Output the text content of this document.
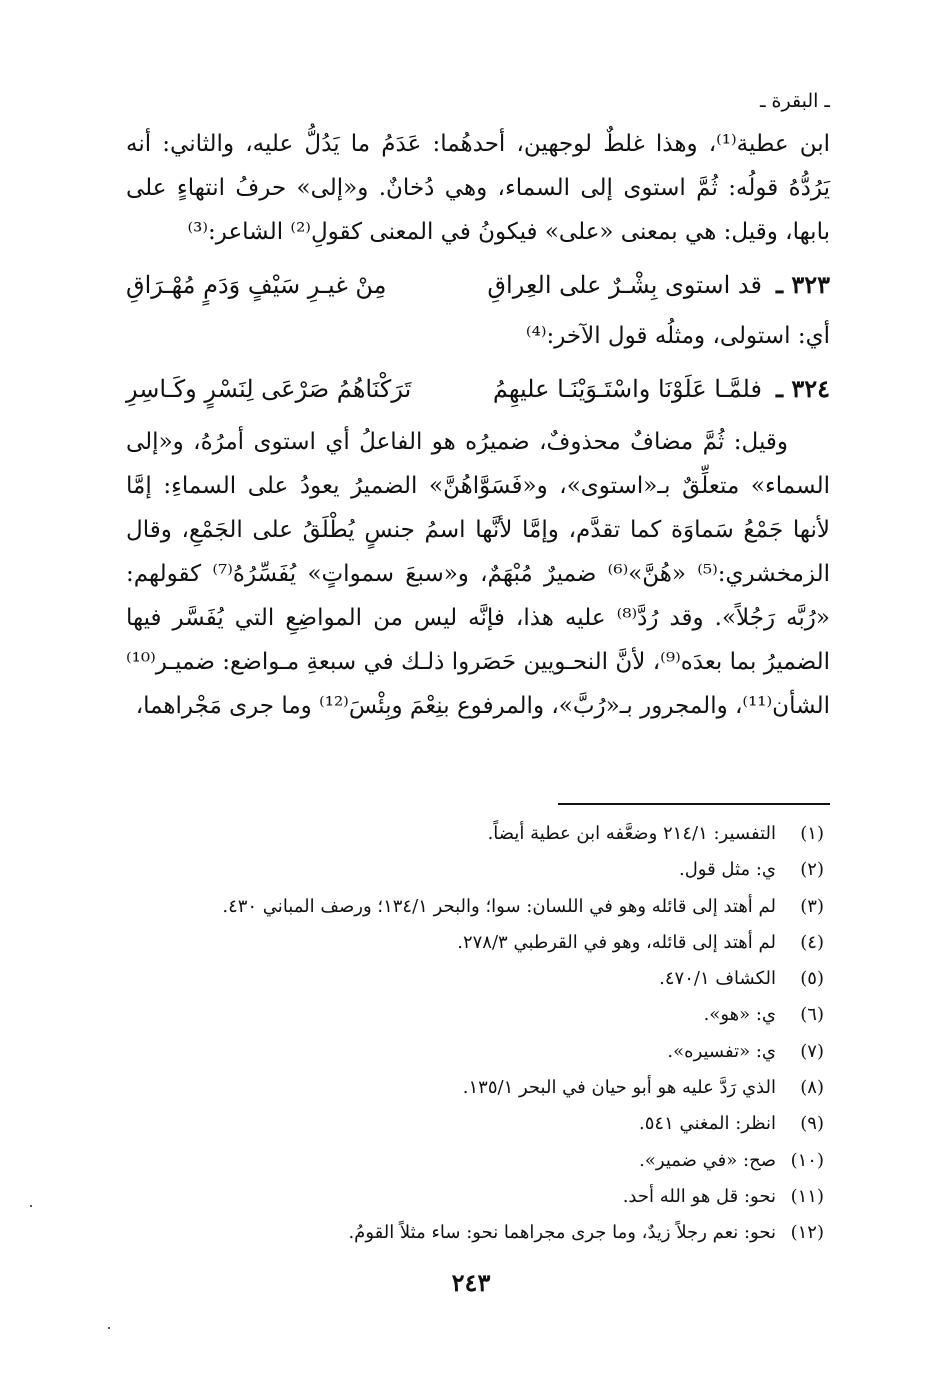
ـ البقرة ـ

ابن عطية⁽¹⁾، وهذا غلطٌ لوجهين، أحدهُما: عَدَمُ ما يَدُلُّ عليه، والثاني: أنه يَرُدُّهُ قولُه: ثُمَّ استوى إلى السماء، وهي دُخانٌ. و«إلى» حرفُ انتهاءٍ على بابها، وقيل: هي بمعنى «على» فيكونُ في المعنى كقولِ⁽²⁾ الشاعر:⁽³⁾

٣٢٣ ـ
قد استوى بِشْـرٌ على العِراقِ
مِنْ غيـرِ سَيْفٍ وَدَمٍ مُهْـرَاقِ

أي: استولى، ومثلُه قول الآخر:⁽⁴⁾

٣٢٤ ـ
فلمَّـا عَلَوْنَا واسْتَـوَيْنَـا عليهِمُ
تَرَكْنَاهُمُ صَرْعَى لِنَسْرٍ وكَـاسِرِ

وقيل: ثُمَّ مضافٌ محذوفٌ، ضميرُه هو الفاعلُ أي استوى أمرُهُ، و«إلى السماء» متعلِّقٌ بـ«استوى»، و«فَسَوَّاهُنَّ» الضميرُ يعودُ على السماءِ: إمَّا لأنها جَمْعُ سَماوَة كما تقدَّم، وإمَّا لأنَّها اسمُ جنسٍ يُطْلَقُ على الجَمْعِ، وقال الزمخشري:⁽⁵⁾ «هُنَّ»⁽⁶⁾ ضميرٌ مُبْهَمٌ، و«سبعَ سمواتٍ» يُفَسِّرُهُ⁽⁷⁾ كقولهم: «رُبَّه رَجُلاً». وقد رُدَّ⁽⁸⁾ عليه هذا، فإنَّه ليس من المواضِعِ التي يُفَسَّر فيها الضميرُ بما بعدَه⁽⁹⁾، لأنَّ النحـويين حَصَروا ذلـك في سبعةِ مـواضع: ضميـر⁽¹⁰⁾ الشأن⁽¹¹⁾، والمجرور بـ«رُبَّ»، والمرفوع بنِعْمَ وبِئْسَ⁽¹²⁾ وما جرى مَجْراهما،

(١)
التفسير: ٢١٤/١ وضعَّفه ابن عطية أيضاً.
(٢)
ي: مثل قول.
(٣)
لم أهتد إلى قائله وهو في اللسان: سوا؛ والبحر ١٣٤/١؛ ورصف المباني ٤٣٠.
(٤)
لم أهتد إلى قائله، وهو في القرطبي ٢٧٨/٣.
(٥)
الكشاف ٤٧٠/١.
(٦)
ي: «هو».
(٧)
ي: «تفسيره».
(٨)
الذي رَدَّ عليه هو أبو حيان في البحر ١٣٥/١.
(٩)
انظر: المغني ٥٤١.
(١٠)
صح: «في ضمير».
(١١)
نحو: قل هو الله أحد.
(١٢)
نحو: نعم رجلاً زيدٌ، وما جرى مجراهما نحو: ساء مثلاً القومُ.
٢٤٣
